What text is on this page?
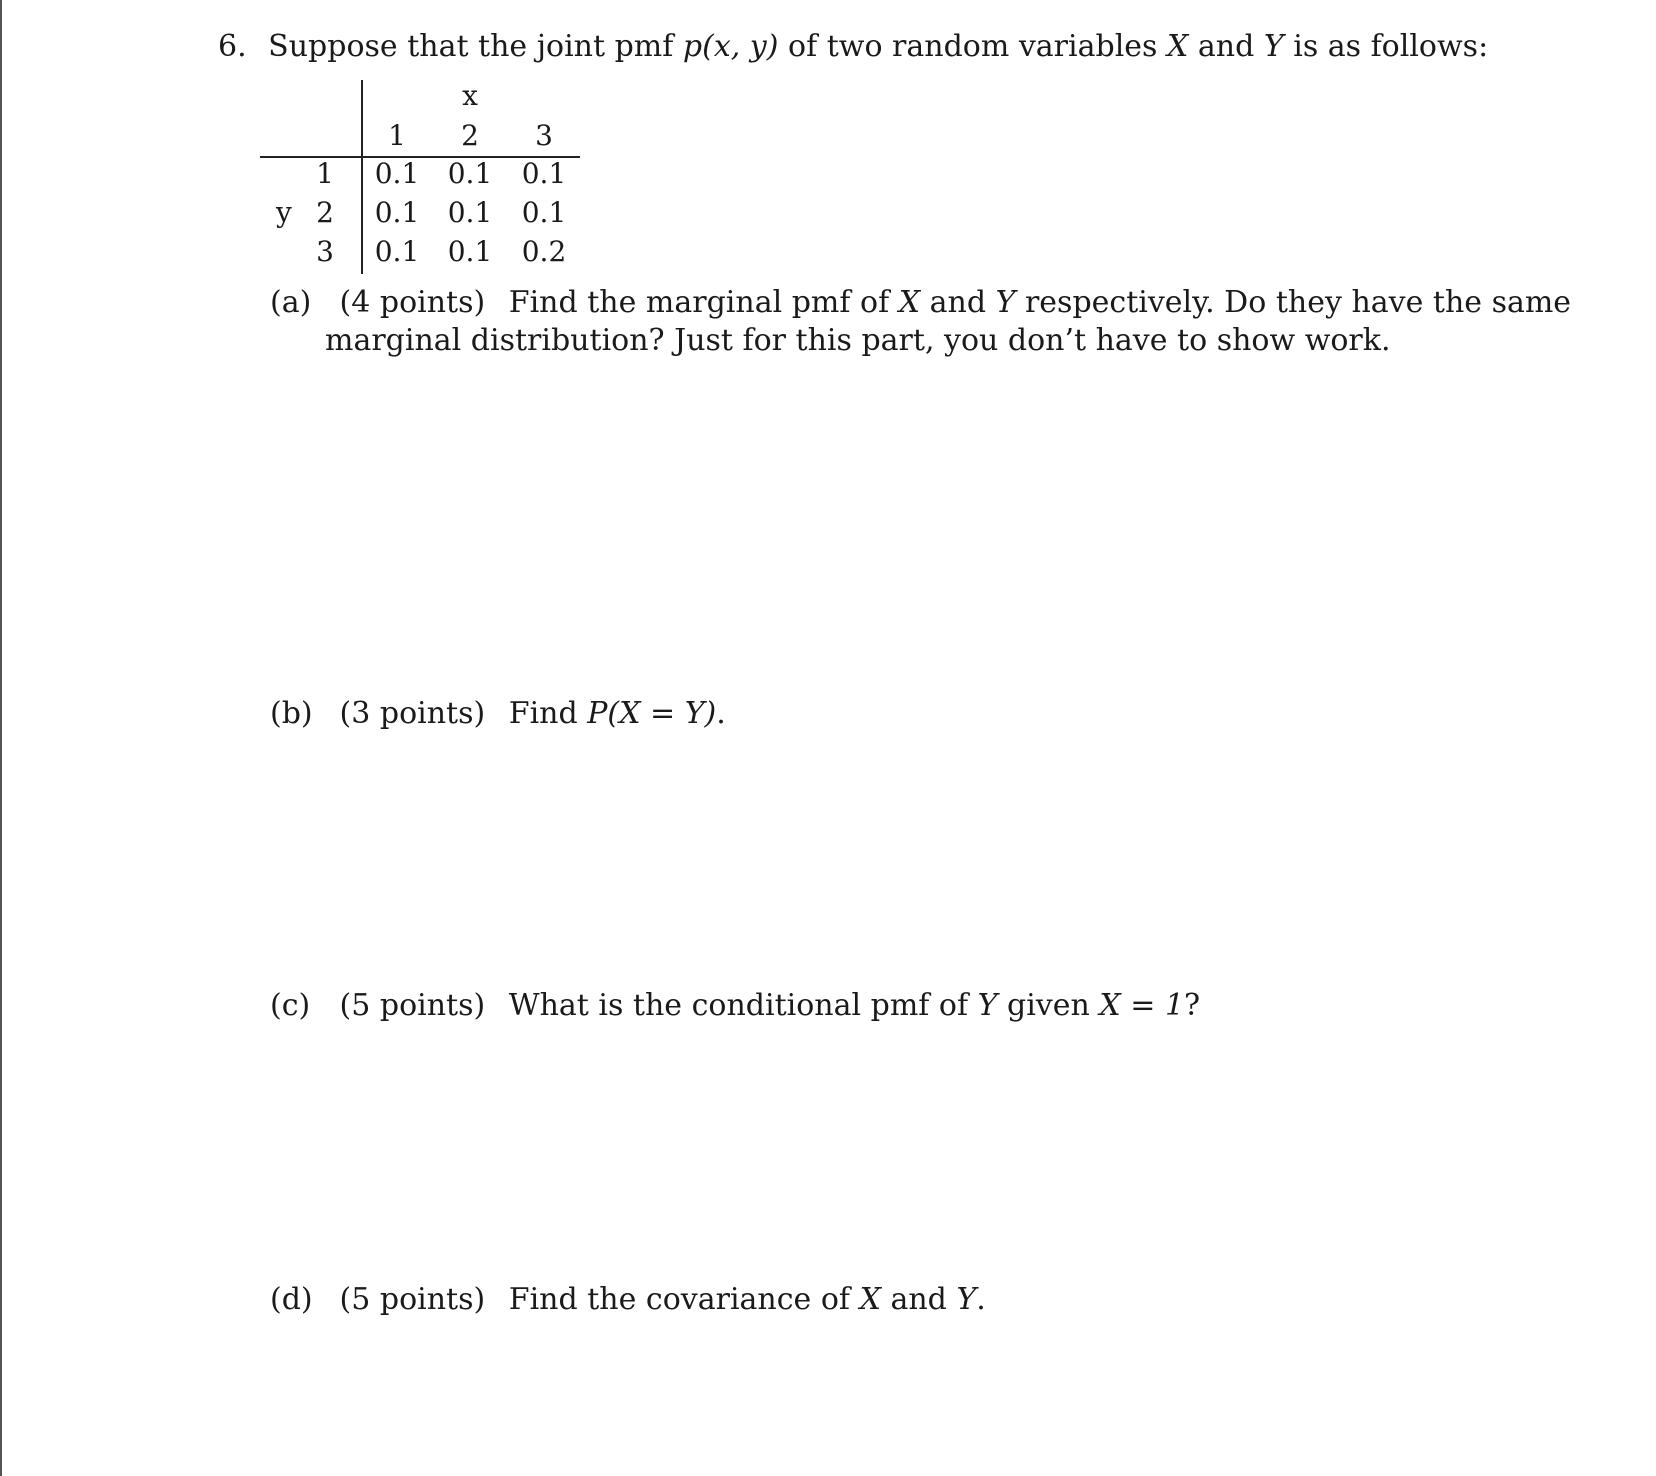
6. Suppose that the joint pmf p(x, y) of two random variables X and Y is as follows:
x
1	2	3
y
1
2
3
0.1 0.1 0.1
0.1 0.1 0.1
0.1 0.1 0.2
(a) (4 points) Find the marginal pmf of X and Y respectively. Do they have the same
marginal distribution? Just for this part, you don’t have to show work.
(b) (3 points) Find P(X = Y).
(c) (5 points) What is the conditional pmf of Y given X = 1?
(d) (5 points) Find the covariance of X and Y.
